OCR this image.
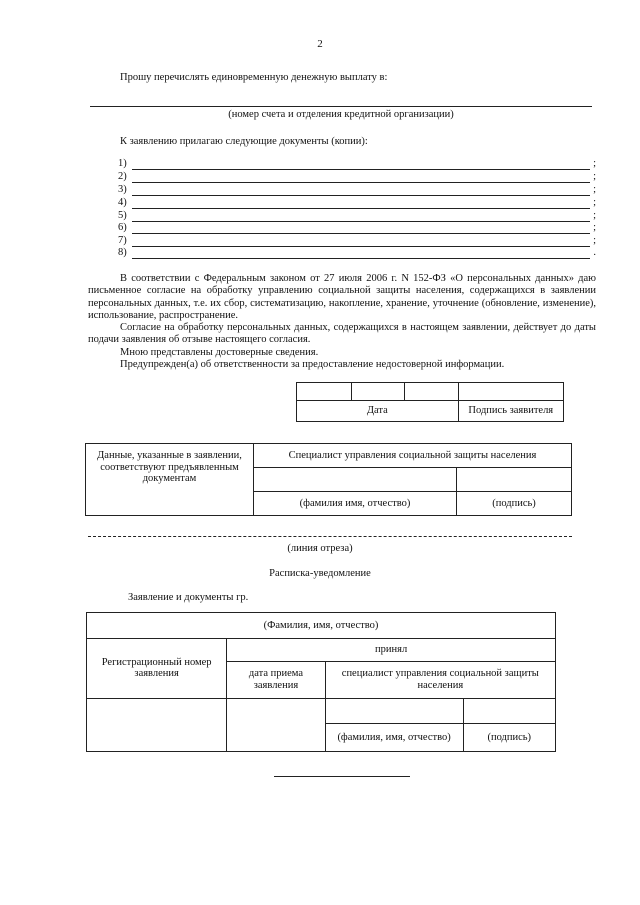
2
Прошу перечислять единовременную денежную выплату в:
(номер счета и отделения кредитной организации)
К заявлению прилагаю следующие документы (копии):
1)	;
2)	;
3)	;
4)	;
5)	;
6)	;
7)	;
8)	.

В соответствии с Федеральным законом от 27 июля 2006 г. N 152-ФЗ «О персональных данных» даю письменное согласие на обработку управлению социальной защиты населения, содержащихся в заявлении персональных данных, т.е. их сбор, систематизацию, накопление, хранение, уточнение (обновление, изменение), использование, распространение.

Согласие на обработку персональных данных, содержащихся в настоящем заявлении, действует до даты подачи заявления об отзыве настоящего согласия.

Мною представлены достоверные сведения.

Предупрежден(а) об ответственности за предоставление недостоверной информации.

Дата			Подпись заявителя
Данные, указанные в заявлении, соответствуют предъявленным документам	Специалист управления социальной защиты населения	

	(фамилия имя, отчество)	(подпись)
(линия отреза)
Расписка-уведомление
Заявление и документы гр.
(Фамилия, имя, отчество)			
Регистрационный номер заявления	принял		
	дата приема заявления	специалист управления социальной защиты населения	

		(фамилия, имя, отчество)	(подпись)
